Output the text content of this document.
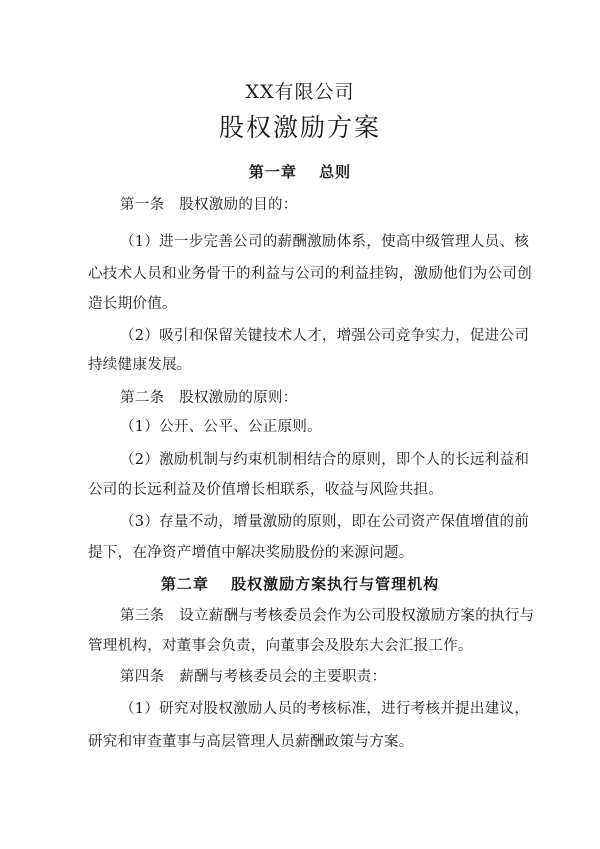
XX有限公司
股权激励方案
第一章　 总则
第一条　股权激励的目的：
（1）进一步完善公司的薪酬激励体系，使高中级管理人员、核
心技术人员和业务骨干的利益与公司的利益挂钩，激励他们为公司创
造长期价值。
（2）吸引和保留关键技术人才，增强公司竞争实力，促进公司
持续健康发展。
第二条　股权激励的原则：
（1）公开、公平、公正原则。
（2）激励机制与约束机制相结合的原则，即个人的长远利益和
公司的长远利益及价值增长相联系，收益与风险共担。
（3）存量不动，增量激励的原则，即在公司资产保值增值的前
提下，在净资产增值中解决奖励股份的来源问题。
第二章　 股权激励方案执行与管理机构
第三条　设立薪酬与考核委员会作为公司股权激励方案的执行与
管理机构，对董事会负责，向董事会及股东大会汇报工作。
第四条　薪酬与考核委员会的主要职责：
（1）研究对股权激励人员的考核标准，进行考核并提出建议，
研究和审查董事与高层管理人员薪酬政策与方案。
